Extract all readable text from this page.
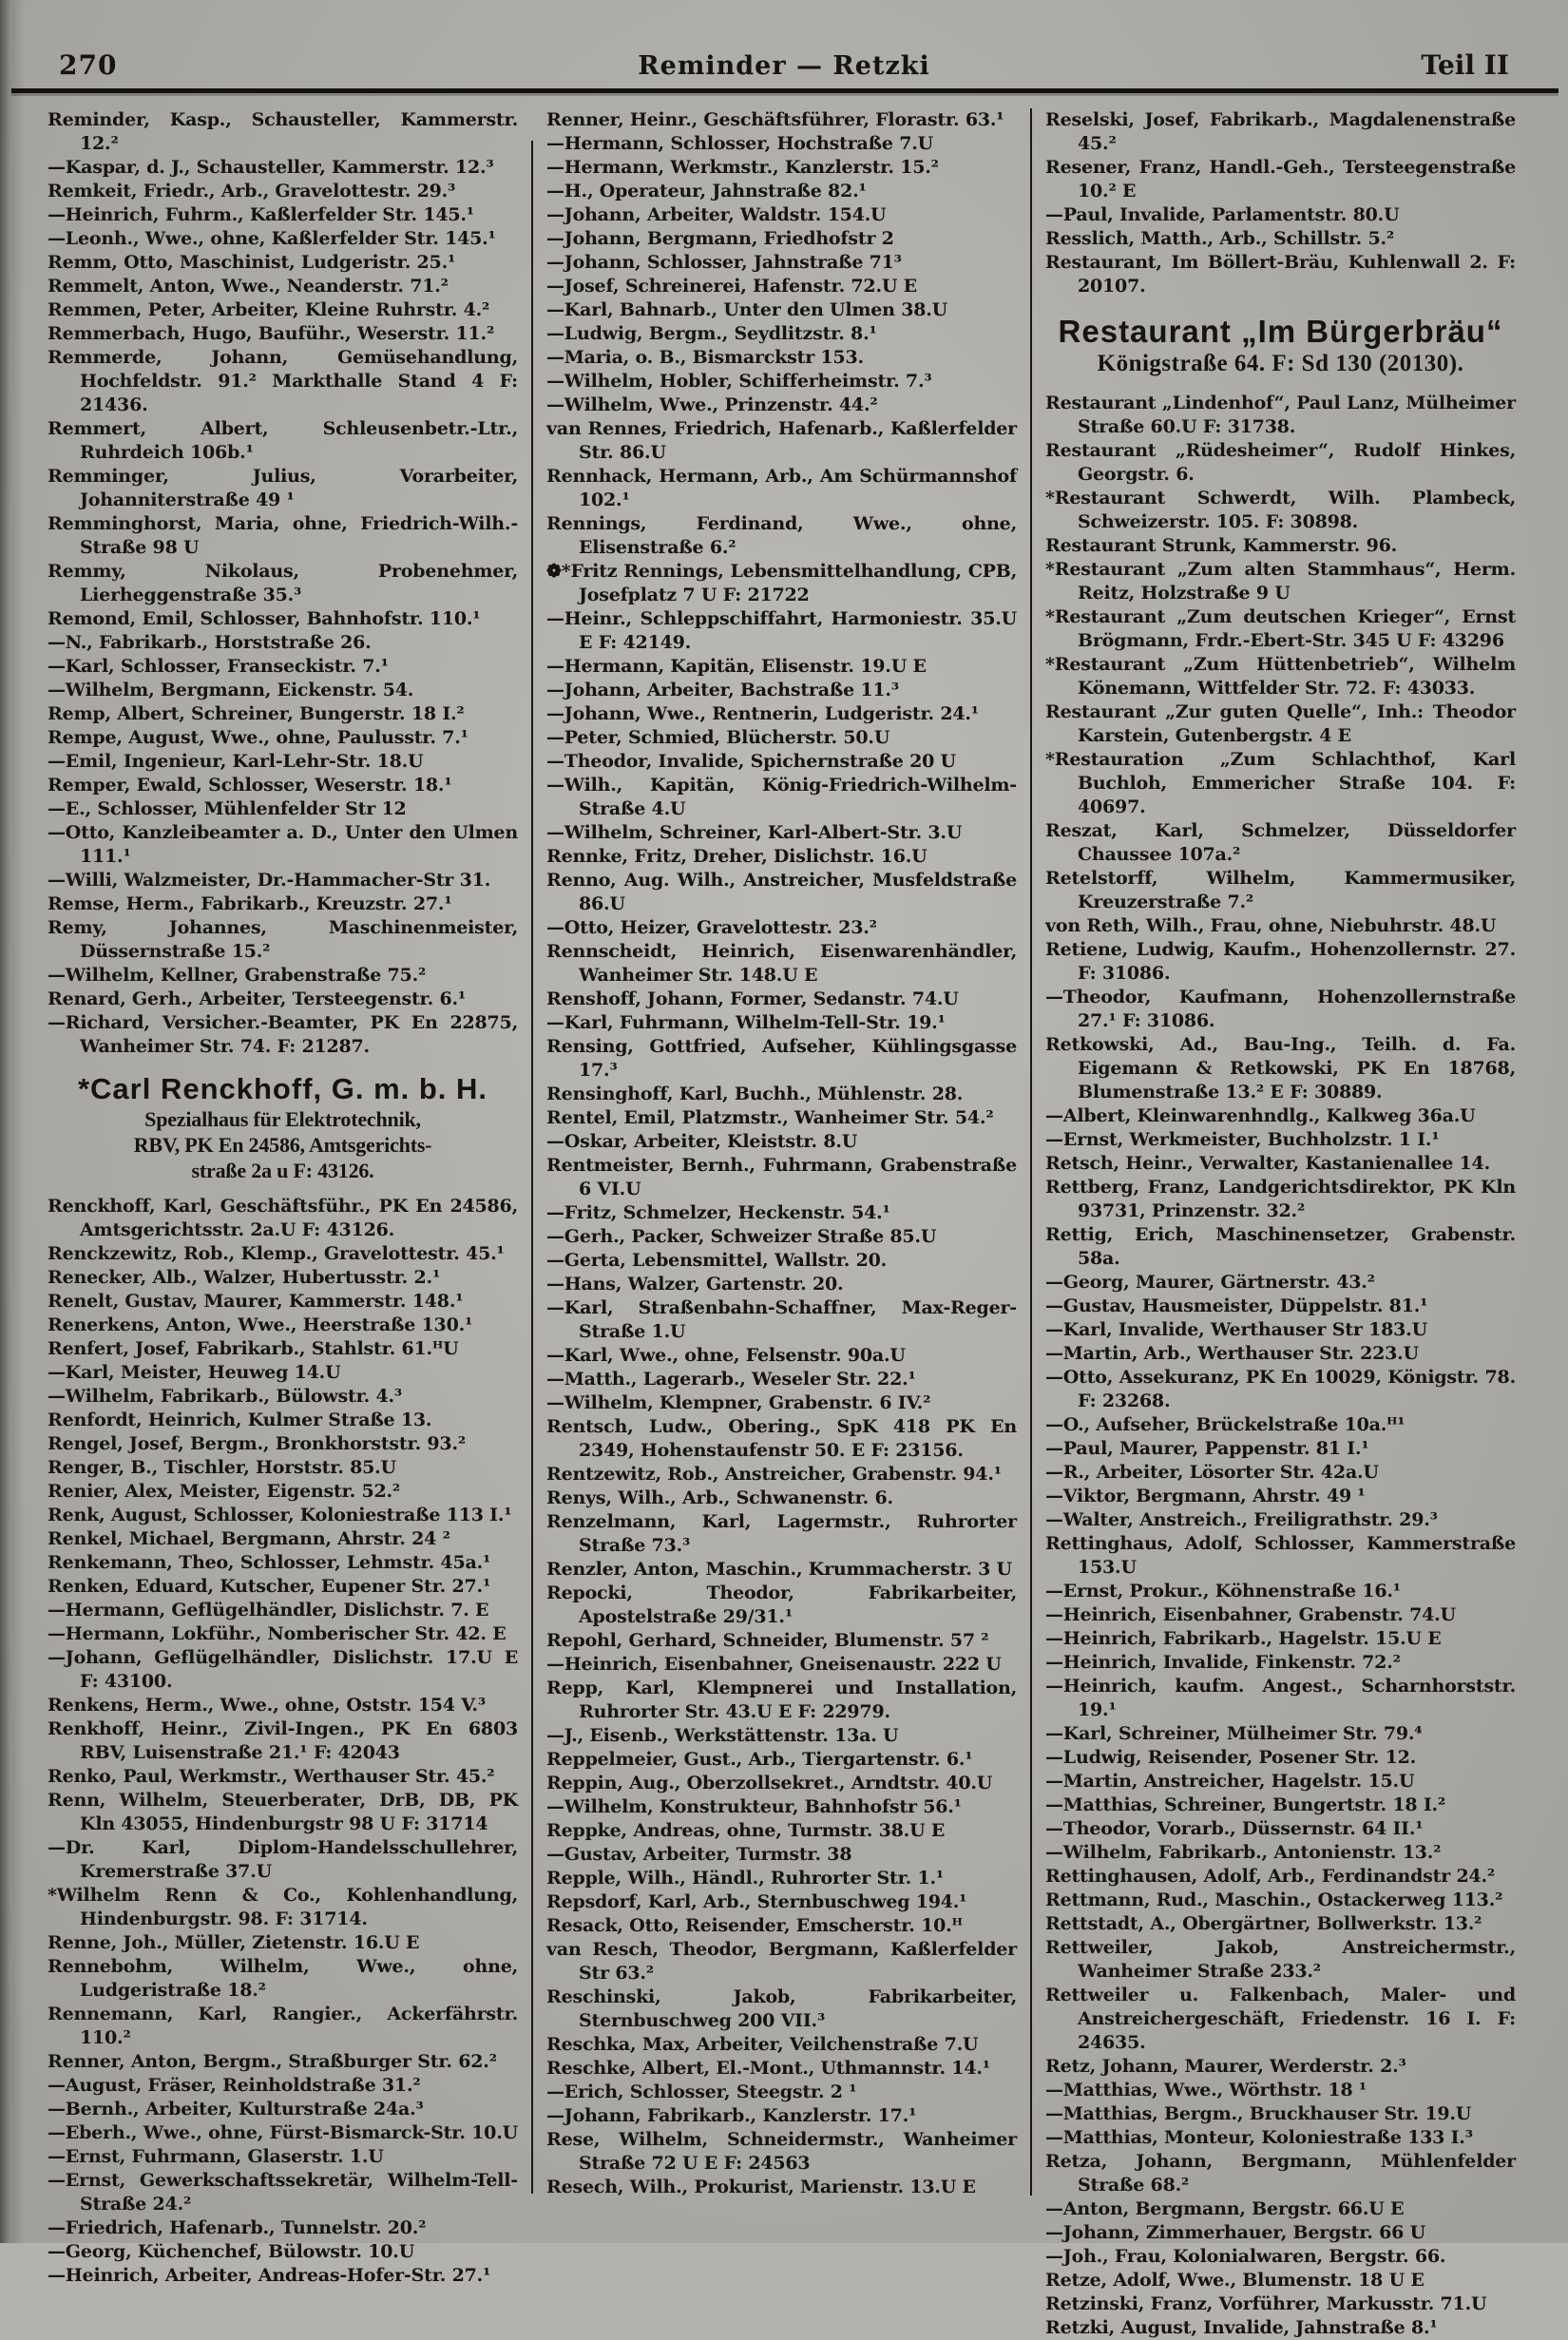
270	Reminder — Retzki	Teil II
Reminder, Kasp., Schausteller, Kammerstr. 12.²
—Kaspar, d. J., Schausteller, Kammerstr. 12.³
Remkeit, Friedr., Arb., Gravelottestr. 29.³
—Heinrich, Fuhrm., Kaßlerfelder Str. 145.¹
—Leonh., Wwe., ohne, Kaßlerfelder Str. 145.¹
Remm, Otto, Maschinist, Ludgeristr. 25.¹
Remmelt, Anton, Wwe., Neanderstr. 71.²
Remmen, Peter, Arbeiter, Kleine Ruhrstr. 4.²
Remmerbach, Hugo, Bauführ., Weserstr. 11.²
Remmerde, Johann, Gemüsehandlung, Hochfeldstr. 91.² Markthalle Stand 4 F: 21436.
Remmert, Albert, Schleusenbetr.-Ltr., Ruhrdeich 106b.¹
Remminger, Julius, Vorarbeiter, Johanniterstraße 49 ¹
Remminghorst, Maria, ohne, Friedrich-Wilh.-Straße 98 U
Remmy, Nikolaus, Probenehmer, Lierheggenstraße 35.³
Remond, Emil, Schlosser, Bahnhofstr. 110.¹
—N., Fabrikarb., Horststraße 26.
—Karl, Schlosser, Franseckistr. 7.¹
—Wilhelm, Bergmann, Eickenstr. 54.
Remp, Albert, Schreiner, Bungerstr. 18 I.²
Rempe, August, Wwe., ohne, Paulusstr. 7.¹
—Emil, Ingenieur, Karl-Lehr-Str. 18.U
Remper, Ewald, Schlosser, Weserstr. 18.¹
—E., Schlosser, Mühlenfelder Str 12
—Otto, Kanzleibeamter a. D., Unter den Ulmen 111.¹
—Willi, Walzmeister, Dr.-Hammacher-Str 31.
Remse, Herm., Fabrikarb., Kreuzstr. 27.¹
Remy, Johannes, Maschinenmeister, Düssernstraße 15.²
—Wilhelm, Kellner, Grabenstraße 75.²
Renard, Gerh., Arbeiter, Tersteegenstr. 6.¹
—Richard, Versicher.-Beamter, PK En 22875, Wanheimer Str. 74. F: 21287.
*Carl Renckhoff, G. m. b. H.
Spezialhaus für Elektrotechnik,
RBV, PK En 24586, Amtsgerichts-
straße 2a u F: 43126.
Renckhoff, Karl, Geschäftsführ., PK En 24586, Amtsgerichtsstr. 2a.U F: 43126.
Renckzewitz, Rob., Klemp., Gravelottestr. 45.¹
Renecker, Alb., Walzer, Hubertusstr. 2.¹
Renelt, Gustav, Maurer, Kammerstr. 148.¹
Renerkens, Anton, Wwe., Heerstraße 130.¹
Renfert, Josef, Fabrikarb., Stahlstr. 61.ᴴU
—Karl, Meister, Heuweg 14.U
—Wilhelm, Fabrikarb., Bülowstr. 4.³
Renfordt, Heinrich, Kulmer Straße 13.
Rengel, Josef, Bergm., Bronkhorststr. 93.²
Renger, B., Tischler, Horststr. 85.U
Renier, Alex, Meister, Eigenstr. 52.²
Renk, August, Schlosser, Koloniestraße 113 I.¹
Renkel, Michael, Bergmann, Ahrstr. 24 ²
Renkemann, Theo, Schlosser, Lehmstr. 45a.¹
Renken, Eduard, Kutscher, Eupener Str. 27.¹
—Hermann, Geflügelhändler, Dislichstr. 7. E
—Hermann, Lokführ., Nomberischer Str. 42. E
—Johann, Geflügelhändler, Dislichstr. 17.U E F: 43100.
Renkens, Herm., Wwe., ohne, Oststr. 154 V.³
Renkhoff, Heinr., Zivil-Ingen., PK En 6803 RBV, Luisenstraße 21.¹ F: 42043
Renko, Paul, Werkmstr., Werthauser Str. 45.²
Renn, Wilhelm, Steuerberater, DrB, DB, PK Kln 43055, Hindenburgstr 98 U F: 31714
—Dr. Karl, Diplom-Handelsschullehrer, Kremerstraße 37.U
*Wilhelm Renn & Co., Kohlenhandlung, Hindenburgstr. 98. F: 31714.
Renne, Joh., Müller, Zietenstr. 16.U E
Rennebohm, Wilhelm, Wwe., ohne, Ludgeristraße 18.²
Rennemann, Karl, Rangier., Ackerfährstr. 110.²
Renner, Anton, Bergm., Straßburger Str. 62.²
—August, Fräser, Reinholdstraße 31.²
—Bernh., Arbeiter, Kulturstraße 24a.³
—Eberh., Wwe., ohne, Fürst-Bismarck-Str. 10.U
—Ernst, Fuhrmann, Glaserstr. 1.U
—Ernst, Gewerkschaftssekretär, Wilhelm-Tell-Straße 24.²
—Friedrich, Hafenarb., Tunnelstr. 20.²
—Georg, Küchenchef, Bülowstr. 10.U
—Heinrich, Arbeiter, Andreas-Hofer-Str. 27.¹
Renner, Heinr., Geschäftsführer, Florastr. 63.¹
—Hermann, Schlosser, Hochstraße 7.U
—Hermann, Werkmstr., Kanzlerstr. 15.²
—H., Operateur, Jahnstraße 82.¹
—Johann, Arbeiter, Waldstr. 154.U
—Johann, Bergmann, Friedhofstr 2
—Johann, Schlosser, Jahnstraße 71³
—Josef, Schreinerei, Hafenstr. 72.U E
—Karl, Bahnarb., Unter den Ulmen 38.U
—Ludwig, Bergm., Seydlitzstr. 8.¹
—Maria, o. B., Bismarckstr 153.
—Wilhelm, Hobler, Schifferheimstr. 7.³
—Wilhelm, Wwe., Prinzenstr. 44.²
van Rennes, Friedrich, Hafenarb., Kaßlerfelder Str. 86.U
Rennhack, Hermann, Arb., Am Schürmannshof 102.¹
Rennings, Ferdinand, Wwe., ohne, Elisenstraße 6.²
❁*Fritz Rennings, Lebensmittelhandlung, CPB, Josefplatz 7 U F: 21722
—Heinr., Schleppschiffahrt, Harmoniestr. 35.U E F: 42149.
—Hermann, Kapitän, Elisenstr. 19.U E
—Johann, Arbeiter, Bachstraße 11.³
—Johann, Wwe., Rentnerin, Ludgeristr. 24.¹
—Peter, Schmied, Blücherstr. 50.U
—Theodor, Invalide, Spichernstraße 20 U
—Wilh., Kapitän, König-Friedrich-Wilhelm-Straße 4.U
—Wilhelm, Schreiner, Karl-Albert-Str. 3.U
Rennke, Fritz, Dreher, Dislichstr. 16.U
Renno, Aug. Wilh., Anstreicher, Musfeldstraße 86.U
—Otto, Heizer, Gravelottestr. 23.²
Rennscheidt, Heinrich, Eisenwarenhändler, Wanheimer Str. 148.U E
Renshoff, Johann, Former, Sedanstr. 74.U
—Karl, Fuhrmann, Wilhelm-Tell-Str. 19.¹
Rensing, Gottfried, Aufseher, Kühlingsgasse 17.³
Rensinghoff, Karl, Buchh., Mühlenstr. 28.
Rentel, Emil, Platzmstr., Wanheimer Str. 54.²
—Oskar, Arbeiter, Kleiststr. 8.U
Rentmeister, Bernh., Fuhrmann, Grabenstraße 6 VI.U
—Fritz, Schmelzer, Heckenstr. 54.¹
—Gerh., Packer, Schweizer Straße 85.U
—Gerta, Lebensmittel, Wallstr. 20.
—Hans, Walzer, Gartenstr. 20.
—Karl, Straßenbahn-Schaffner, Max-Reger-Straße 1.U
—Karl, Wwe., ohne, Felsenstr. 90a.U
—Matth., Lagerarb., Weseler Str. 22.¹
—Wilhelm, Klempner, Grabenstr. 6 IV.²
Rentsch, Ludw., Obering., SpK 418 PK En 2349, Hohenstaufenstr 50. E F: 23156.
Rentzewitz, Rob., Anstreicher, Grabenstr. 94.¹
Renys, Wilh., Arb., Schwanenstr. 6.
Renzelmann, Karl, Lagermstr., Ruhrorter Straße 73.³
Renzler, Anton, Maschin., Krummacherstr. 3 U
Repocki, Theodor, Fabrikarbeiter, Apostelstraße 29/31.¹
Repohl, Gerhard, Schneider, Blumenstr. 57 ²
—Heinrich, Eisenbahner, Gneisenaustr. 222 U
Repp, Karl, Klempnerei und Installation, Ruhrorter Str. 43.U E F: 22979.
—J., Eisenb., Werkstättenstr. 13a. U
Reppelmeier, Gust., Arb., Tiergartenstr. 6.¹
Reppin, Aug., Oberzollsekret., Arndtstr. 40.U
—Wilhelm, Konstrukteur, Bahnhofstr 56.¹
Reppke, Andreas, ohne, Turmstr. 38.U E
—Gustav, Arbeiter, Turmstr. 38
Repple, Wilh., Händl., Ruhrorter Str. 1.¹
Repsdorf, Karl, Arb., Sternbuschweg 194.¹
Resack, Otto, Reisender, Emscherstr. 10.ᴴ
van Resch, Theodor, Bergmann, Kaßlerfelder Str 63.²
Reschinski, Jakob, Fabrikarbeiter, Sternbuschweg 200 VII.³
Reschka, Max, Arbeiter, Veilchenstraße 7.U
Reschke, Albert, El.-Mont., Uthmannstr. 14.¹
—Erich, Schlosser, Steegstr. 2 ¹
—Johann, Fabrikarb., Kanzlerstr. 17.¹
Rese, Wilhelm, Schneidermstr., Wanheimer Straße 72 U E F: 24563
Resech, Wilh., Prokurist, Marienstr. 13.U E
Reselski, Josef, Fabrikarb., Magdalenenstraße 45.²
Resener, Franz, Handl.-Geh., Tersteegenstraße 10.² E
—Paul, Invalide, Parlamentstr. 80.U
Resslich, Matth., Arb., Schillstr. 5.²
Restaurant, Im Böllert-Bräu, Kuhlenwall 2. F: 20107.
Restaurant „Im Bürgerbräu“
Königstraße 64. F: Sd 130 (20130).
Restaurant „Lindenhof“, Paul Lanz, Mülheimer Straße 60.U F: 31738.
Restaurant „Rüdesheimer“, Rudolf Hinkes, Georgstr. 6.
*Restaurant Schwerdt, Wilh. Plambeck, Schweizerstr. 105. F: 30898.
Restaurant Strunk, Kammerstr. 96.
*Restaurant „Zum alten Stammhaus“, Herm. Reitz, Holzstraße 9 U
*Restaurant „Zum deutschen Krieger“, Ernst Brögmann, Frdr.-Ebert-Str. 345 U F: 43296
*Restaurant „Zum Hüttenbetrieb“, Wilhelm Könemann, Wittfelder Str. 72. F: 43033.
Restaurant „Zur guten Quelle“, Inh.: Theodor Karstein, Gutenbergstr. 4 E
*Restauration „Zum Schlachthof, Karl Buchloh, Emmericher Straße 104. F: 40697.
Reszat, Karl, Schmelzer, Düsseldorfer Chaussee 107a.²
Retelstorff, Wilhelm, Kammermusiker, Kreuzerstraße 7.²
von Reth, Wilh., Frau, ohne, Niebuhrstr. 48.U
Retiene, Ludwig, Kaufm., Hohenzollernstr. 27. F: 31086.
—Theodor, Kaufmann, Hohenzollernstraße 27.¹ F: 31086.
Retkowski, Ad., Bau-Ing., Teilh. d. Fa. Eigemann & Retkowski, PK En 18768, Blumenstraße 13.² E F: 30889.
—Albert, Kleinwarenhndlg., Kalkweg 36a.U
—Ernst, Werkmeister, Buchholzstr. 1 I.¹
Retsch, Heinr., Verwalter, Kastanienallee 14.
Rettberg, Franz, Landgerichtsdirektor, PK Kln 93731, Prinzenstr. 32.²
Rettig, Erich, Maschinensetzer, Grabenstr. 58a.
—Georg, Maurer, Gärtnerstr. 43.²
—Gustav, Hausmeister, Düppelstr. 81.¹
—Karl, Invalide, Werthauser Str 183.U
—Martin, Arb., Werthauser Str. 223.U
—Otto, Assekuranz, PK En 10029, Königstr. 78. F: 23268.
—O., Aufseher, Brückelstraße 10a.ᴴ¹
—Paul, Maurer, Pappenstr. 81 I.¹
—R., Arbeiter, Lösorter Str. 42a.U
—Viktor, Bergmann, Ahrstr. 49 ¹
—Walter, Anstreich., Freiligrathstr. 29.³
Rettinghaus, Adolf, Schlosser, Kammerstraße 153.U
—Ernst, Prokur., Köhnenstraße 16.¹
—Heinrich, Eisenbahner, Grabenstr. 74.U
—Heinrich, Fabrikarb., Hagelstr. 15.U E
—Heinrich, Invalide, Finkenstr. 72.²
—Heinrich, kaufm. Angest., Scharnhorststr. 19.¹
—Karl, Schreiner, Mülheimer Str. 79.⁴
—Ludwig, Reisender, Posener Str. 12.
—Martin, Anstreicher, Hagelstr. 15.U
—Matthias, Schreiner, Bungertstr. 18 I.²
—Theodor, Vorarb., Düssernstr. 64 II.¹
—Wilhelm, Fabrikarb., Antonienstr. 13.²
Rettinghausen, Adolf, Arb., Ferdinandstr 24.²
Rettmann, Rud., Maschin., Ostackerweg 113.²
Rettstadt, A., Obergärtner, Bollwerkstr. 13.²
Rettweiler, Jakob, Anstreichermstr., Wanheimer Straße 233.²
Rettweiler u. Falkenbach, Maler- und Anstreichergeschäft, Friedenstr. 16 I. F: 24635.
Retz, Johann, Maurer, Werderstr. 2.³
—Matthias, Wwe., Wörthstr. 18 ¹
—Matthias, Bergm., Bruckhauser Str. 19.U
—Matthias, Monteur, Koloniestraße 133 I.³
Retza, Johann, Bergmann, Mühlenfelder Straße 68.²
—Anton, Bergmann, Bergstr. 66.U E
—Johann, Zimmerhauer, Bergstr. 66 U
—Joh., Frau, Kolonialwaren, Bergstr. 66.
Retze, Adolf, Wwe., Blumenstr. 18 U E
Retzinski, Franz, Vorführer, Markusstr. 71.U
Retzki, August, Invalide, Jahnstraße 8.¹
